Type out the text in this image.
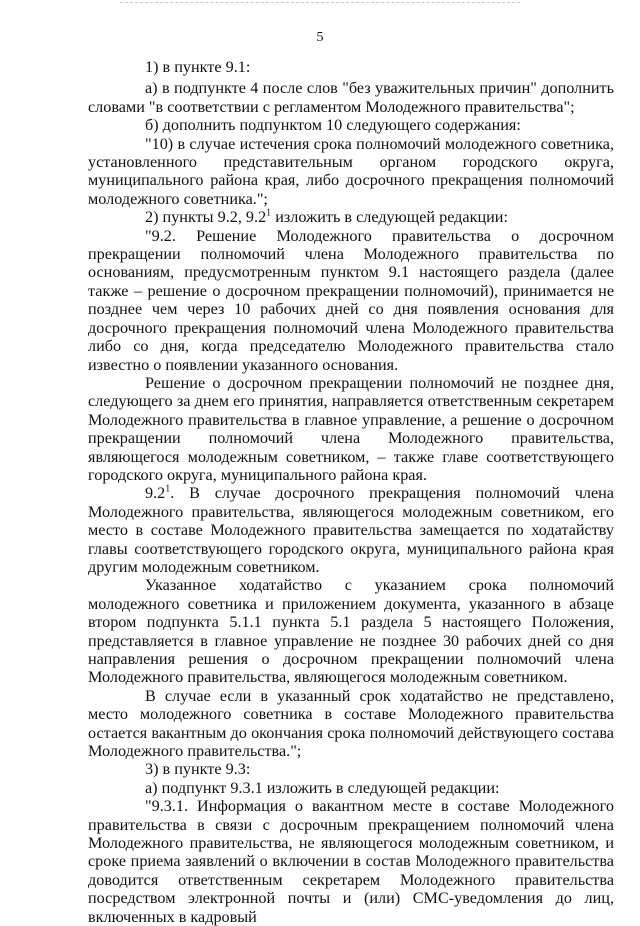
5

1) в пункте 9.1:

а) в подпункте 4 после слов "без уважительных причин" дополнить словами "в соответствии с регламентом Молодежного правительства";

б) дополнить подпунктом 10 следующего содержания:

"10) в случае истечения срока полномочий молодежного советника, установленного представительным органом городского округа, муниципального района края, либо досрочного прекращения полномочий молодежного советника.";

2) пункты 9.2, $9.2^1$ изложить в следующей редакции:

"9.2. Решение Молодежного правительства о досрочном прекращении полномочий члена Молодежного правительства по основаниям, предусмотренным пунктом 9.1 настоящего раздела (далее также – решение о досрочном прекращении полномочий), принимается не позднее чем через 10 рабочих дней со дня появления основания для досрочного прекращения полномочий члена Молодежного правительства либо со дня, когда председателю Молодежного правительства стало известно о появлении указанного основания.

Решение о досрочном прекращении полномочий не позднее дня, следующего за днем его принятия, направляется ответственным секретарем Молодежного правительства в главное управление, а решение о досрочном прекращении полномочий члена Молодежного правительства, являющегося молодежным советником, – также главе соответствующего городского округа, муниципального района края.

$9.2^1$. В случае досрочного прекращения полномочий члена Молодежного правительства, являющегося молодежным советником, его место в составе Молодежного правительства замещается по ходатайству главы соответствующего городского округа, муниципального района края другим молодежным советником.

Указанное ходатайство с указанием срока полномочий молодежного советника и приложением документа, указанного в абзаце втором подпункта 5.1.1 пункта 5.1 раздела 5 настоящего Положения, представляется в главное управление не позднее 30 рабочих дней со дня направления решения о досрочном прекращении полномочий члена Молодежного правительства, являющегося молодежным советником.

В случае если в указанный срок ходатайство не представлено, место молодежного советника в составе Молодежного правительства остается вакантным до окончания срока полномочий действующего состава Молодежного правительства.";

3) в пункте 9.3:

а) подпункт 9.3.1 изложить в следующей редакции:

"9.3.1. Информация о вакантном месте в составе Молодежного правительства в связи с досрочным прекращением полномочий члена Молодежного правительства, не являющегося молодежным советником, и сроке приема заявлений о включении в состав Молодежного правительства доводится ответственным секретарем Молодежного правительства посредством электронной почты и (или) СМС-уведомления до лиц, включенных в кадровый
